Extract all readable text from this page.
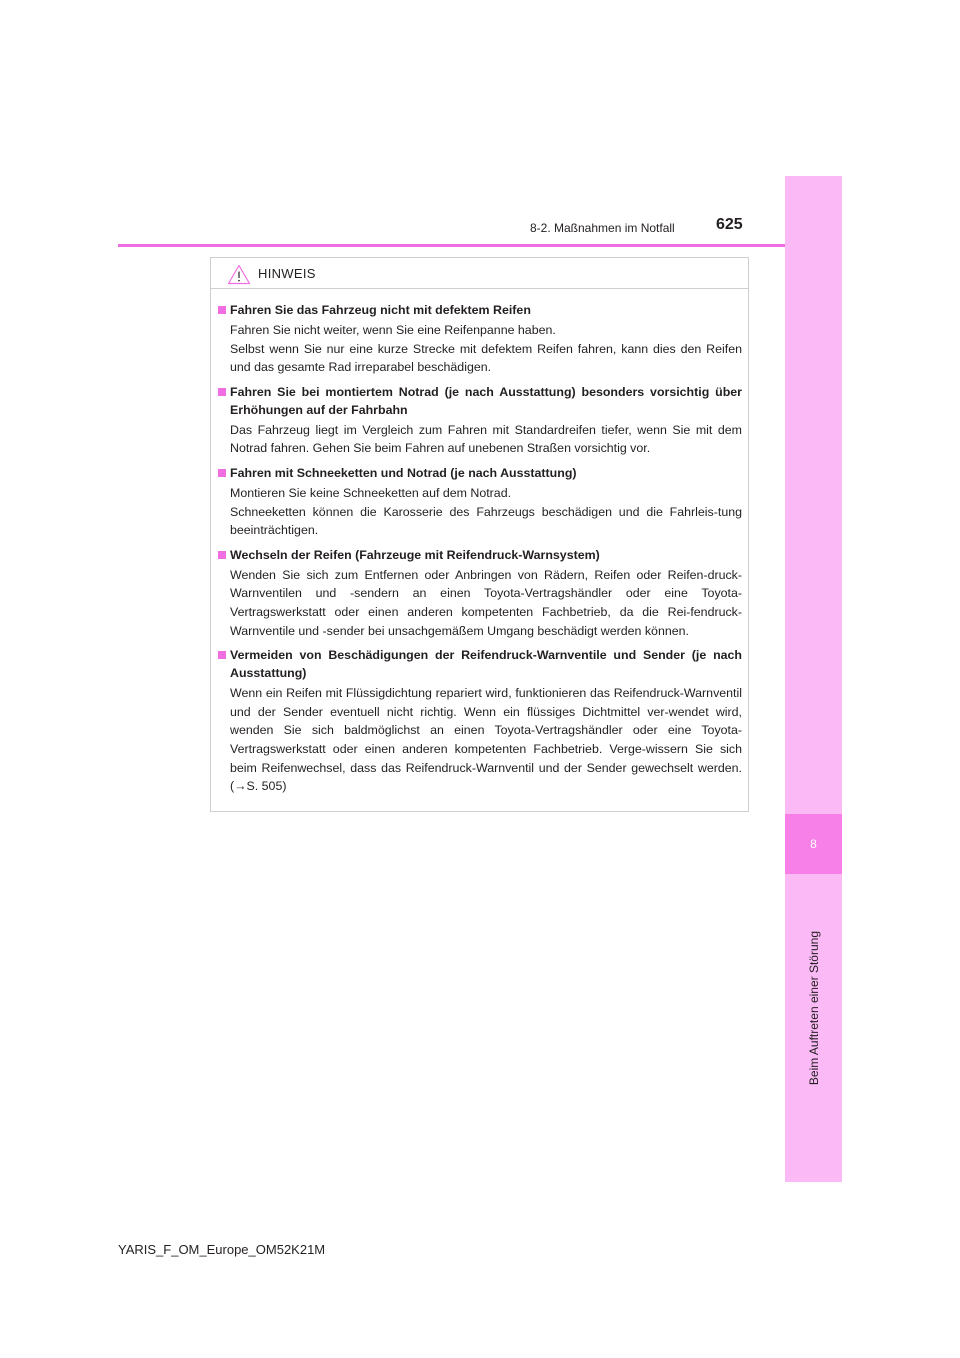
8
Beim Auftreten einer Störung
8-2. Maßnahmen im Notfall	625
HINWEIS
Fahren Sie das Fahrzeug nicht mit defektem Reifen
Fahren Sie nicht weiter, wenn Sie eine Reifenpanne haben.
Selbst wenn Sie nur eine kurze Strecke mit defektem Reifen fahren, kann dies den Reifen und das gesamte Rad irreparabel beschädigen.
Fahren Sie bei montiertem Notrad (je nach Ausstattung) besonders vorsichtig über Erhöhungen auf der Fahrbahn
Das Fahrzeug liegt im Vergleich zum Fahren mit Standardreifen tiefer, wenn Sie mit dem Notrad fahren. Gehen Sie beim Fahren auf unebenen Straßen vorsichtig vor.
Fahren mit Schneeketten und Notrad (je nach Ausstattung)
Montieren Sie keine Schneeketten auf dem Notrad.
Schneeketten können die Karosserie des Fahrzeugs beschädigen und die Fahrleis-tung beeinträchtigen.
Wechseln der Reifen (Fahrzeuge mit Reifendruck-Warnsystem)
Wenden Sie sich zum Entfernen oder Anbringen von Rädern, Reifen oder Reifen-druck-Warnventilen und -sendern an einen Toyota-Vertragshändler oder eine Toyota-Vertragswerkstatt oder einen anderen kompetenten Fachbetrieb, da die Rei-fendruck-Warnventile und -sender bei unsachgemäßem Umgang beschädigt werden können.
Vermeiden von Beschädigungen der Reifendruck-Warnventile und Sender (je nach Ausstattung)
Wenn ein Reifen mit Flüssigdichtung repariert wird, funktionieren das Reifendruck-Warnventil und der Sender eventuell nicht richtig. Wenn ein flüssiges Dichtmittel ver-wendet wird, wenden Sie sich baldmöglichst an einen Toyota-Vertragshändler oder eine Toyota-Vertragswerkstatt oder einen anderen kompetenten Fachbetrieb. Verge-wissern Sie sich beim Reifenwechsel, dass das Reifendruck-Warnventil und der Sender gewechselt werden. (→S. 505)
YARIS_F_OM_Europe_OM52K21M
